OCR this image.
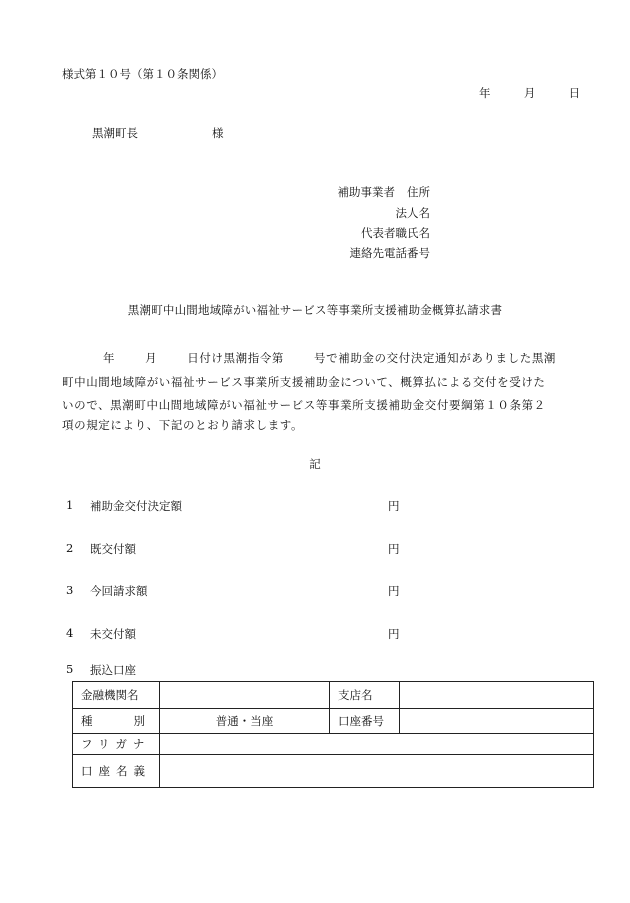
様式第１０号（第１０条関係）
年	月	日
黒潮町長	様
補助事業者 住所
法人名
代表者職氏名
連絡先電話番号
黒潮町中山間地域障がい福祉サービス等事業所支援補助金概算払請求書
年	月	日付け黒潮指令第	号で補助金の交付決定通知がありました黒潮
町中山間地域障がい福祉サービス事業所支援補助金について、概算払による交付を受けた
いので、黒潮町中山間地域障がい福祉サービス等事業所支援補助金交付要綱第１０条第２
項の規定により、下記のとおり請求します。
記
1 補助金交付決定額	円
2 既交付額	円
3 今回請求額	円
4 未交付額	円
5 振込口座
金融機関名		支店名	

種 別	普通・当座	口座番号	
フリガナ			
口座名義			
